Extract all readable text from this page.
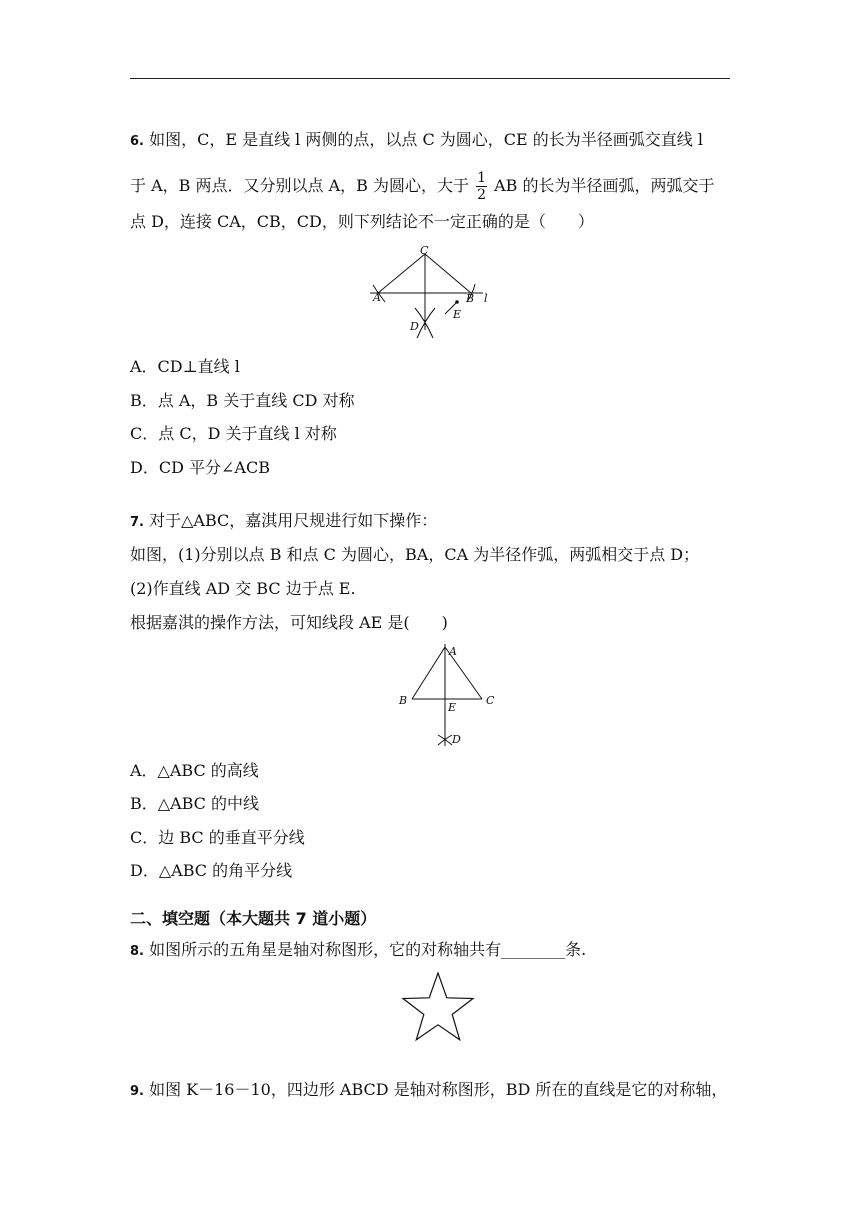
6. 如图，C，E 是直线 l 两侧的点，以点 C 为圆心，CE 的长为半径画弧交直线 l
于 A，B 两点．又分别以点 A，B 为圆心，大于 $\frac{1}{2}$ AB 的长为半径画弧，两弧交于
点 D，连接 CA，CB，CD，则下列结论不一定正确的是（　　）
C
A	B l
E
D
A．CD⊥直线 l
B．点 A，B 关于直线 CD 对称
C．点 C，D 关于直线 l 对称
D．CD 平分∠ACB
7. 对于△ABC，嘉淇用尺规进行如下操作：
如图，(1)分别以点 B 和点 C 为圆心，BA，CA 为半径作弧，两弧相交于点 D；
(2)作直线 AD 交 BC 边于点 E.
根据嘉淇的操作方法，可知线段 AE 是(　　)
A
B	C
E
D
A．△ABC 的高线
B．△ABC 的中线
C．边 BC 的垂直平分线
D．△ABC 的角平分线
二、填空题（本大题共 7 道小题）
8. 如图所示的五角星是轴对称图形，它的对称轴共有________条.
9. 如图 K－16－10，四边形 ABCD 是轴对称图形，BD 所在的直线是它的对称轴，
